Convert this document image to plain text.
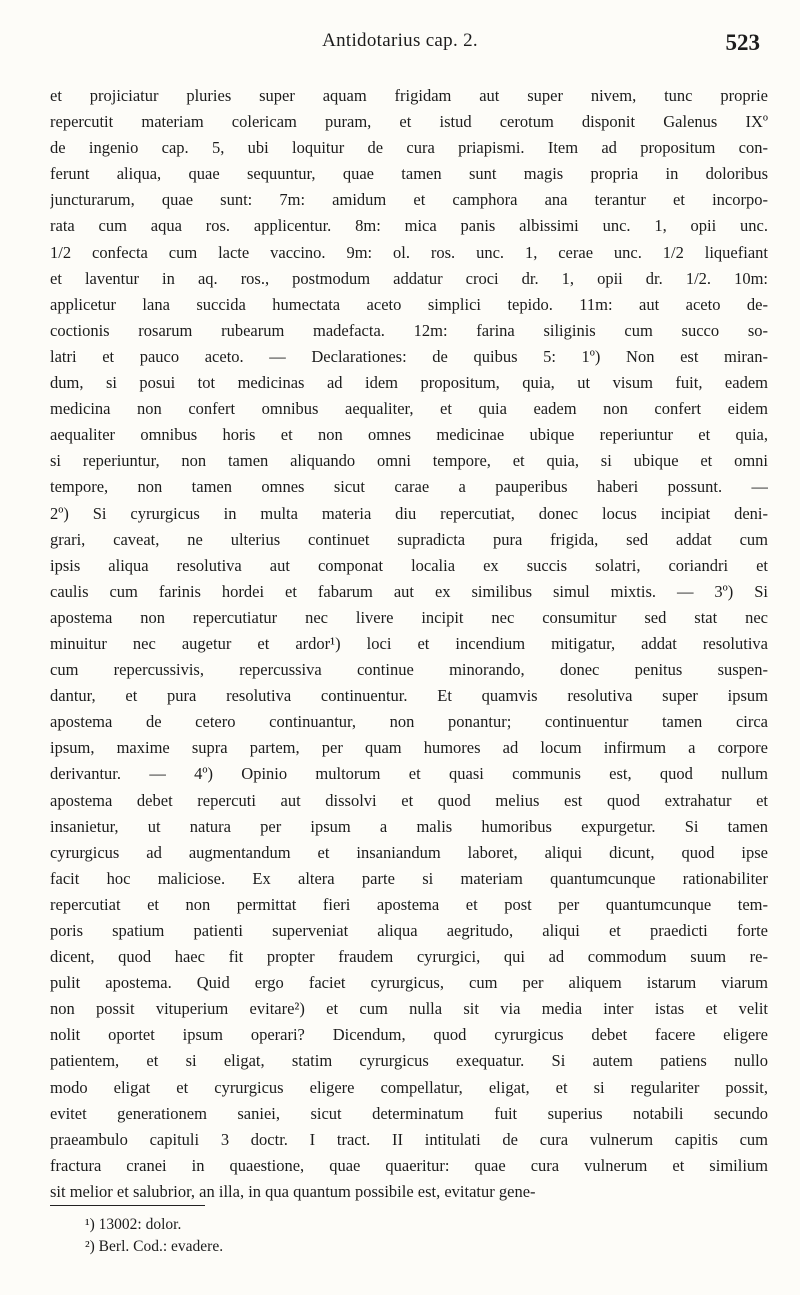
Antidotarius cap. 2.	523
et projiciatur pluries super aquam frigidam aut super nivem, tunc proprie
repercutit materiam colericam puram, et istud cerotum disponit Galenus IXº
de ingenio cap. 5, ubi loquitur de cura priapismi. Item ad propositum con-
ferunt aliqua, quae sequuntur, quae tamen sunt magis propria in doloribus
juncturarum, quae sunt: 7m: amidum et camphora ana terantur et incorpo-
rata cum aqua ros. applicentur. 8m: mica panis albissimi unc. 1, opii unc.
1/2 confecta cum lacte vaccino. 9m: ol. ros. unc. 1, cerae unc. 1/2 liquefiant
et laventur in aq. ros., postmodum addatur croci dr. 1, opii dr. 1/2. 10m:
applicetur lana succida humectata aceto simplici tepido. 11m: aut aceto de-
coctionis rosarum rubearum madefacta. 12m: farina siliginis cum succo so-
latri et pauco aceto. — Declarationes: de quibus 5: 1º) Non est miran-
dum, si posui tot medicinas ad idem propositum, quia, ut visum fuit, eadem
medicina non confert omnibus aequaliter, et quia eadem non confert eidem
aequaliter omnibus horis et non omnes medicinae ubique reperiuntur et quia,
si reperiuntur, non tamen aliquando omni tempore, et quia, si ubique et omni
tempore, non tamen omnes sicut carae a pauperibus haberi possunt. —
2º) Si cyrurgicus in multa materia diu repercutiat, donec locus incipiat deni-
grari, caveat, ne ulterius continuet supradicta pura frigida, sed addat cum
ipsis aliqua resolutiva aut componat localia ex succis solatri, coriandri et
caulis cum farinis hordei et fabarum aut ex similibus simul mixtis. — 3º) Si
apostema non repercutiatur nec livere incipit nec consumitur sed stat nec
minuitur nec augetur et ardor¹) loci et incendium mitigatur, addat resolutiva
cum repercussivis, repercussiva continue minorando, donec penitus suspen-
dantur, et pura resolutiva continuentur. Et quamvis resolutiva super ipsum
apostema de cetero continuantur, non ponantur; continuentur tamen circa
ipsum, maxime supra partem, per quam humores ad locum infirmum a corpore
derivantur. — 4º) Opinio multorum et quasi communis est, quod nullum
apostema debet repercuti aut dissolvi et quod melius est quod extrahatur et
insanietur, ut natura per ipsum a malis humoribus expurgetur. Si tamen
cyrurgicus ad augmentandum et insaniandum laboret, aliqui dicunt, quod ipse
facit hoc maliciose. Ex altera parte si materiam quantumcunque rationabiliter
repercutiat et non permittat fieri apostema et post per quantumcunque tem-
poris spatium patienti superveniat aliqua aegritudo, aliqui et praedicti forte
dicent, quod haec fit propter fraudem cyrurgici, qui ad commodum suum re-
pulit apostema. Quid ergo faciet cyrurgicus, cum per aliquem istarum viarum
non possit vituperium evitare²) et cum nulla sit via media inter istas et velit
nolit oportet ipsum operari? Dicendum, quod cyrurgicus debet facere eligere
patientem, et si eligat, statim cyrurgicus exequatur. Si autem patiens nullo
modo eligat et cyrurgicus eligere compellatur, eligat, et si regulariter possit,
evitet generationem saniei, sicut determinatum fuit superius notabili secundo
praeambulo capituli 3 doctr. I tract. II intitulati de cura vulnerum capitis cum
fractura cranei in quaestione, quae quaeritur: quae cura vulnerum et similium
sit melior et salubrior, an illa, in qua quantum possibile est, evitatur gene-
¹) 13002: dolor.
²) Berl. Cod.: evadere.
